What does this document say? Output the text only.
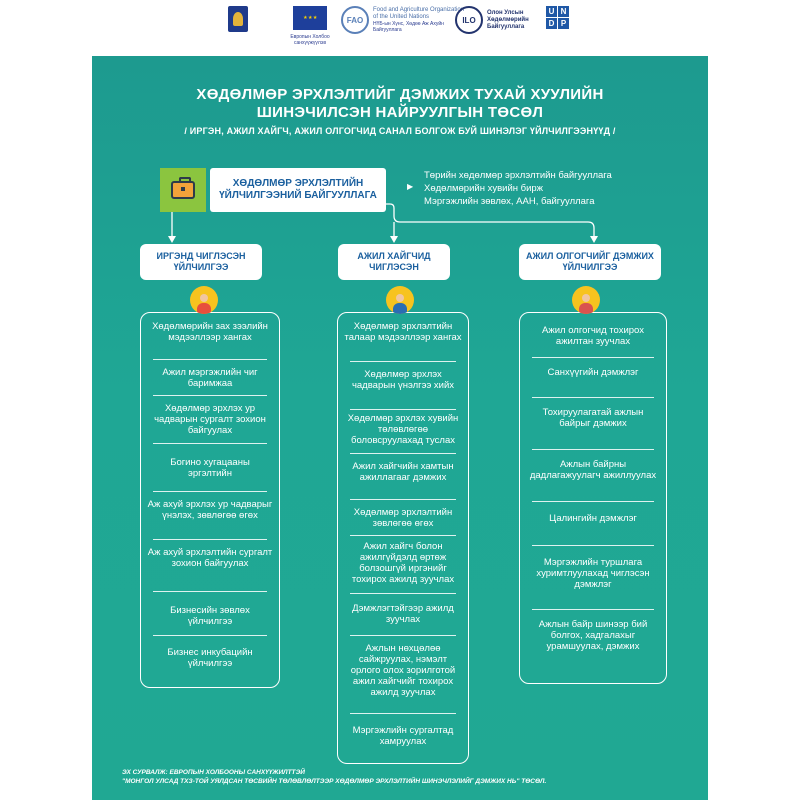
★ ★ ★
Европын Холбоо санхүүжүүлэв
FAO
Food and Agriculture Organization of the United Nations
НҮБ-ын Хүнс, Хөдөө Аж Ахуйн Байгууллага
ILO
Олон Улсын Хөдөлмөрийн Байгууллага
U N
D P
ХӨДӨЛМӨР ЭРХЛЭЛТИЙГ ДЭМЖИХ ТУХАЙ ХУУЛИЙН
ШИНЭЧИЛСЭН НАЙРУУЛГЫН ТӨСӨЛ
/ ИРГЭН, АЖИЛ ХАЙГЧ, АЖИЛ ОЛГОГЧИД САНАЛ БОЛГОЖ БУЙ ШИНЭЛЭГ ҮЙЛЧИЛГЭЭНҮҮД /
ХӨДӨЛМӨР ЭРХЛЭЛТИЙН ҮЙЛЧИЛГЭЭНИЙ БАЙГУУЛЛАГА
▶
Төрийн хөдөлмөр эрхлэлтийн байгууллага
Хөдөлмөрийн хувийн бирж
Мэргэжлийн зөвлөх, ААН, байгууллага
ИРГЭНД ЧИГЛЭСЭН ҮЙЛЧИЛГЭЭ
АЖИЛ ХАЙГЧИД ЧИГЛЭСЭН
АЖИЛ ОЛГОГЧИЙГ ДЭМЖИХ ҮЙЛЧИЛГЭЭ
Хөдөлмөрийн зах зээлийн мэдээллээр хангах
Ажил мэргэжлийн чиг баримжаа
Хөдөлмөр эрхлэх ур чадварын сургалт зохион байгуулах
Богино хугацааны эргэлтийн
Аж ахуй эрхлэх ур чадварыг үнэлэх, зөвлөгөө өгөх
Аж ахуй эрхлэлтийн сургалт зохион байгуулах
Бизнесийн зөвлөх үйлчилгээ
Бизнес инкубацийн үйлчилгээ
Хөдөлмөр эрхлэлтийн талаар мэдээллээр хангах
Хөдөлмөр эрхлэх чадварын үнэлгээ хийх
Хөдөлмөр эрхлэх хувийн төлөвлөгөө боловсруулахад туслах
Ажил хайгчийн хамтын ажиллагааг дэмжих
Хөдөлмөр эрхлэлтийн зөвлөгөө өгөх
Ажил хайгч болон ажилгүйдэлд өртөж болзошгүй иргэнийг тохирох ажилд зуучлах
Дэмжлэгтэйгээр ажилд зуучлах
Ажлын нөхцөлөө сайжруулах, нэмэлт орлого олох зорилготой ажил хайгчийг тохирох ажилд зуучлах
Мэргэжлийн сургалтад хамруулах
Ажил олгогчид тохирох ажилтан зуучлах
Санхүүгийн дэмжлэг
Тохируулагатай ажлын байрыг дэмжих
Ажлын байрны дадлагажуулагч ажиллуулах
Цалингийн дэмжлэг
Мэргэжлийн туршлага хуримтлуулахад чиглэсэн дэмжлэг
Ажлын байр шинээр бий болгох, хадгалахыг урамшуулах, дэмжих
ЭХ СУРВАЛЖ: ЕВРОПЫН ХОЛБООНЫ САНХҮҮЖИЛТТЭЙ
"МОНГОЛ УЛСАД ТХЗ-ТОЙ УЯЛДСАН ТӨСВИЙН ТӨЛӨВЛӨЛТЭЭР ХӨДӨЛМӨР ЭРХЛЭЛТИЙН ШИНЭЧЛЭЛИЙГ ДЭМЖИХ НЬ" ТӨСӨЛ.
